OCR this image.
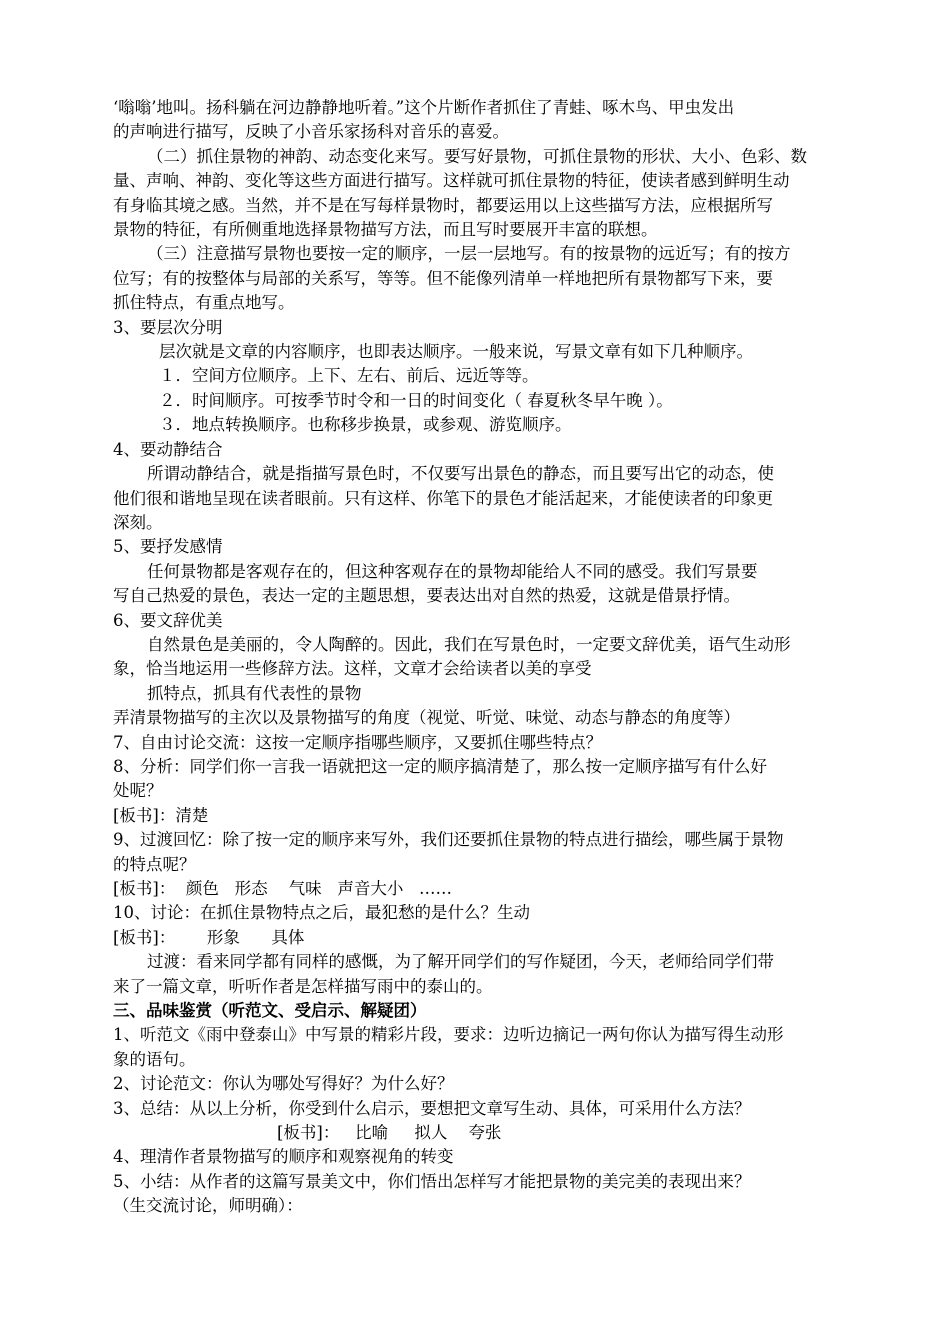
‘嗡嗡’地叫。扬科躺在河边静静地听着。”这个片断作者抓住了青蛙、啄木鸟、甲虫发出

的声响进行描写，反映了小音乐家扬科对音乐的喜爱。

（二）抓住景物的神韵、动态变化来写。要写好景物，可抓住景物的形状、大小、色彩、数

量、声响、神韵、变化等这些方面进行描写。这样就可抓住景物的特征，使读者感到鲜明生动

有身临其境之感。当然，并不是在写每样景物时，都要运用以上这些描写方法，应根据所写

景物的特征，有所侧重地选择景物描写方法，而且写时要展开丰富的联想。

（三）注意描写景物也要按一定的顺序，一层一层地写。有的按景物的远近写；有的按方

位写；有的按整体与局部的关系写，等等。但不能像列清单一样地把所有景物都写下来，要

抓住特点，有重点地写。

3、要层次分明

层次就是文章的内容顺序，也即表达顺序。一般来说，写景文章有如下几种顺序。

１．空间方位顺序。上下、左右、前后、远近等等。

２．时间顺序。可按季节时令和一日的时间变化（ 春夏秋冬早午晚 ）。

３．地点转换顺序。也称移步换景，或参观、游览顺序。

4、要动静结合

所谓动静结合，就是指描写景色时，不仅要写出景色的静态，而且要写出它的动态，使

他们很和谐地呈现在读者眼前。只有这样、你笔下的景色才能活起来，才能使读者的印象更

深刻。

5、要抒发感情

任何景物都是客观存在的，但这种客观存在的景物却能给人不同的感受。我们写景要

写自己热爱的景色，表达一定的主题思想，要表达出对自然的热爱，这就是借景抒情。

6、要文辞优美

自然景色是美丽的，令人陶醉的。因此，我们在写景色时，一定要文辞优美，语气生动形

象，恰当地运用一些修辞方法。这样，文章才会给读者以美的享受

抓特点，抓具有代表性的景物

弄清景物描写的主次以及景物描写的角度（视觉、听觉、味觉、动态与静态的角度等）

7、自由讨论交流：这按一定顺序指哪些顺序，又要抓住哪些特点？

8、分析：同学们你一言我一语就把这一定的顺序搞清楚了，那么按一定顺序描写有什么好

处呢？

[板书]：清楚

9、过渡回忆：除了按一定的顺序来写外，我们还要抓住景物的特点进行描绘，哪些属于景物

的特点呢？

[板书]：  颜色   形态    气味   声音大小   ……

10、讨论：在抓住景物特点之后，最犯愁的是什么？生动

[板书]：      形象      具体

过渡：看来同学都有同样的感慨，为了解开同学们的写作疑团，今天，老师给同学们带

来了一篇文章，听听作者是怎样描写雨中的泰山的。

三、品味鉴赏（听范文、受启示、解疑团）

1、听范文《雨中登泰山》中写景的精彩片段，要求：边听边摘记一两句你认为描写得生动形

象的语句。

2、讨论范文：你认为哪处写得好？为什么好？

3、总结：从以上分析，你受到什么启示，要想把文章写生动、具体，可采用什么方法？

[板书]：   比喻     拟人    夸张

4、理清作者景物描写的顺序和观察视角的转变

5、小结：从作者的这篇写景美文中，你们悟出怎样写才能把景物的美完美的表现出来？

（生交流讨论，师明确）：
